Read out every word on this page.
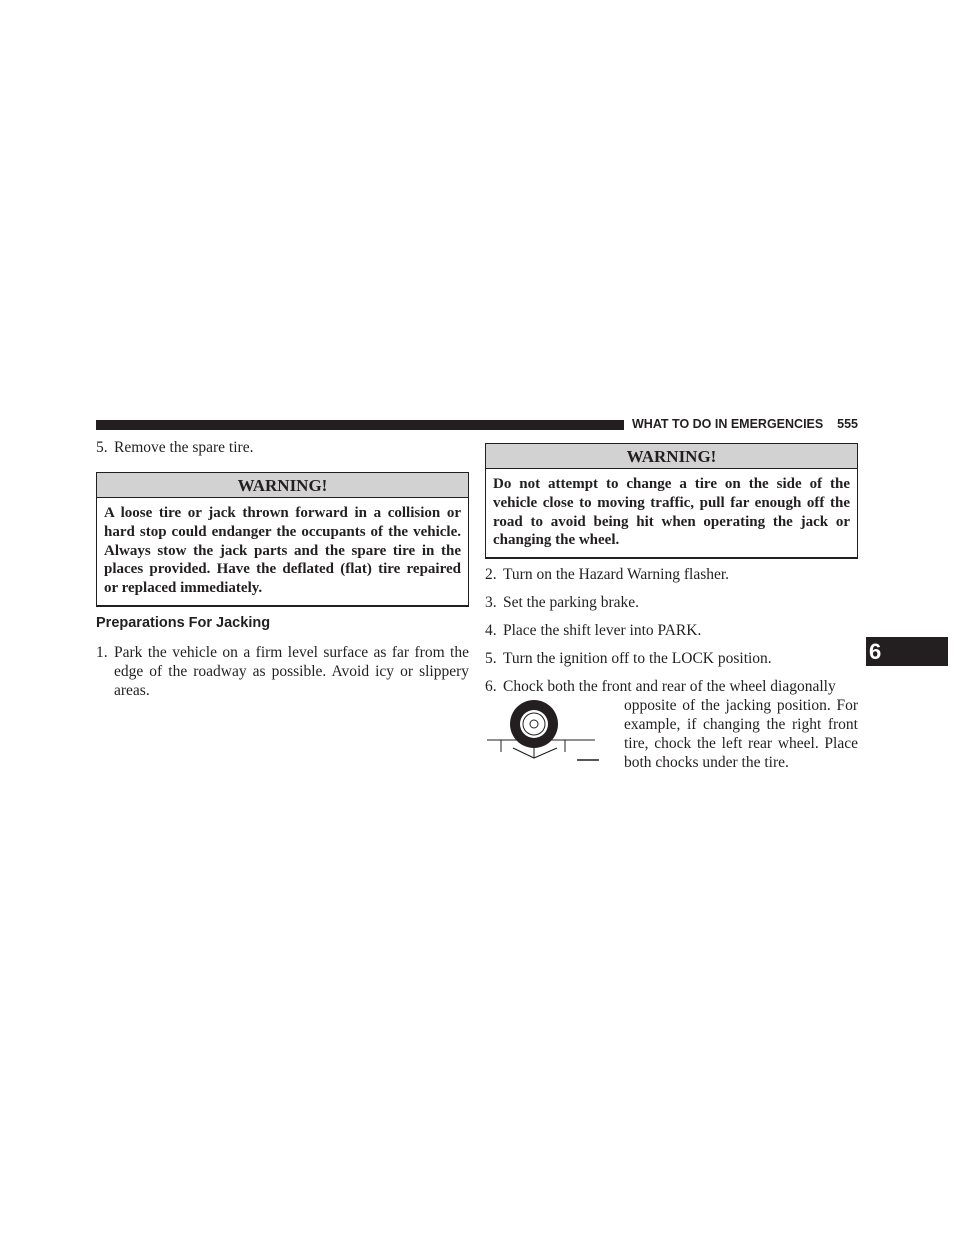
WHAT TO DO IN EMERGENCIES 555
6
5. Remove the spare tire.
WARNING!
A loose tire or jack thrown forward in a collision or hard stop could endanger the occupants of the vehicle. Always stow the jack parts and the spare tire in the places provided. Have the deflated (flat) tire repaired or replaced immediately.
Preparations For Jacking
1. Park the vehicle on a firm level surface as far from the edge of the roadway as possible. Avoid icy or slippery areas.
WARNING!
Do not attempt to change a tire on the side of the vehicle close to moving traffic, pull far enough off the road to avoid being hit when operating the jack or changing the wheel.
2. Turn on the Hazard Warning flasher.
3. Set the parking brake.
4. Place the shift lever into PARK.
5. Turn the ignition off to the LOCK position.
6. Chock both the front and rear of the wheel diagonally
opposite of the jacking position. For example, if changing the right front tire, chock the left rear wheel. Place both chocks under the tire.
